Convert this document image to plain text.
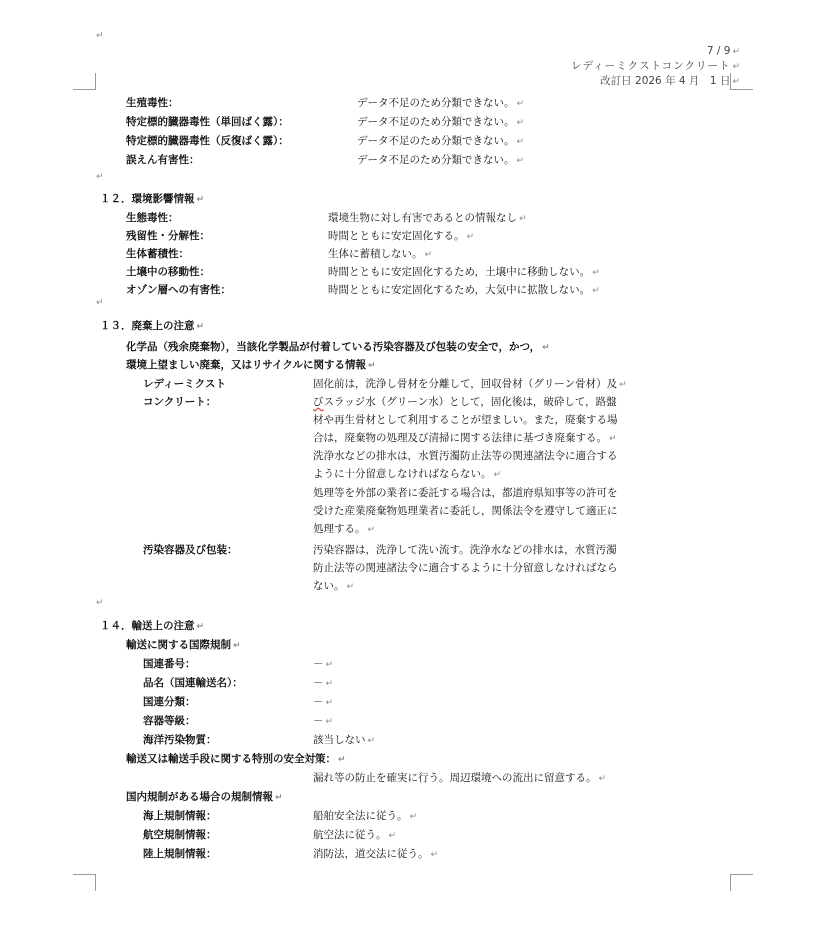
↵
↵
↵
↵
7 / 9 ↵
レディーミクストコンクリート ↵
改訂日 2026 年 4 月　1 日 ↵
生殖毒性：	データ不足のため分類できない。 ↵
特定標的臓器毒性（単回ばく露）：	データ不足のため分類できない。 ↵
特定標的臓器毒性（反復ばく露）：	データ不足のため分類できない。 ↵
誤えん有害性：	データ不足のため分類できない。 ↵
１２．環境影響情報 ↵
生態毒性：	環境生物に対し有害であるとの情報なし ↵
残留性・分解性：	時間とともに安定固化する。 ↵
生体蓄積性：	生体に蓄積しない。 ↵
土壌中の移動性：	時間とともに安定固化するため，土壌中に移動しない。 ↵
オゾン層への有害性：	時間とともに安定固化するため，大気中に拡散しない。 ↵
１３．廃棄上の注意 ↵
化学品（残余廃棄物），当該化学製品が付着している汚染容器及び包装の安全で，かつ， ↵
環境上望ましい廃棄，又はリサイクルに関する情報 ↵
レディーミクスト
コンクリート：
固化前は，洗浄し骨材を分離して，回収骨材（グリーン骨材）及 ↵
びスラッジ水（グリーン水）として，固化後は，破砕して，路盤
材や再生骨材として利用することが望ましい。また，廃棄する場
合は，廃棄物の処理及び清掃に関する法律に基づき廃棄する。 ↵
洗浄水などの排水は，水質汚濁防止法等の関連諸法令に適合する
ように十分留意しなければならない。 ↵
処理等を外部の業者に委託する場合は，都道府県知事等の許可を
受けた産業廃棄物処理業者に委託し，関係法令を遵守して適正に
処理する。 ↵
汚染容器及び包装：	汚染容器は，洗浄して洗い流す。洗浄水などの排水は，水質汚濁
防止法等の関連諸法令に適合するように十分留意しなければなら
ない。 ↵
１４．輸送上の注意 ↵
輸送に関する国際規制 ↵
国連番号：	－ ↵
品名（国連輸送名）：	－ ↵
国連分類：	－ ↵
容器等級：	－ ↵
海洋汚染物質：	該当しない ↵
輸送又は輸送手段に関する特別の安全対策： ↵
漏れ等の防止を確実に行う。周辺環境への流出に留意する。 ↵
国内規制がある場合の規制情報 ↵
海上規制情報：	船舶安全法に従う。 ↵
航空規制情報：	航空法に従う。 ↵
陸上規制情報：	消防法，道交法に従う。 ↵
